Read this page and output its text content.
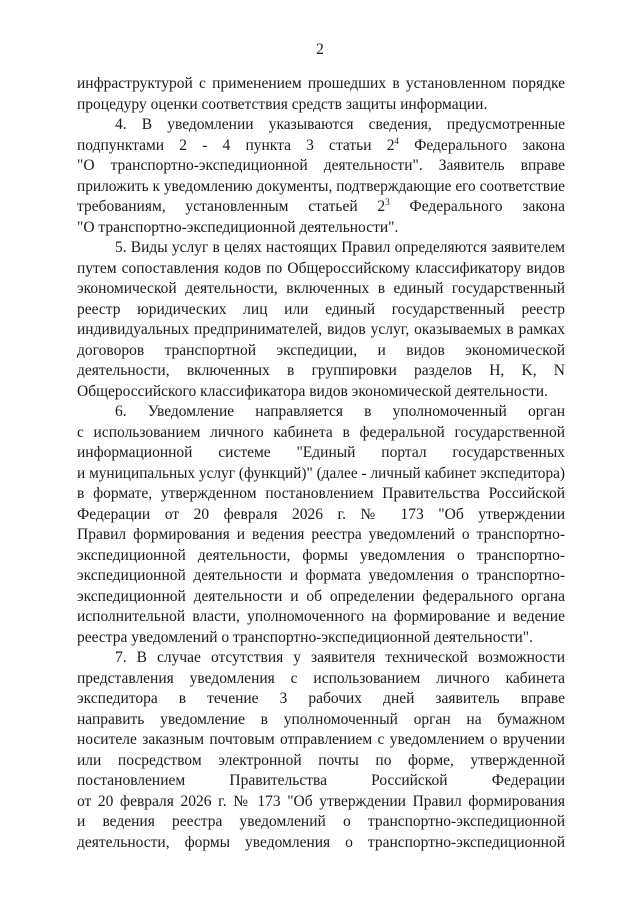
2
инфраструктурой с применением прошедших в установленном порядке
процедуру оценки соответствия средств защиты информации.
4. В уведомлении указываются сведения, предусмотренные
подпунктами 2 - 4 пункта 3 статьи $2^4$ Федерального закона
"О транспортно-экспедиционной деятельности". Заявитель вправе
приложить к уведомлению документы, подтверждающие его соответствие
требованиям, установленным статьей $2^3$ Федерального закона
"О транспортно-экспедиционной деятельности".
5. Виды услуг в целях настоящих Правил определяются заявителем
путем сопоставления кодов по Общероссийскому классификатору видов
экономической деятельности, включенных в единый государственный
реестр юридических лиц или единый государственный реестр
индивидуальных предпринимателей, видов услуг, оказываемых в рамках
договоров транспортной экспедиции, и видов экономической
деятельности, включенных в группировки разделов H, K, N
Общероссийского классификатора видов экономической деятельности.
6. Уведомление направляется в уполномоченный орган
с использованием личного кабинета в федеральной государственной
информационной системе "Единый портал государственных
и муниципальных услуг (функций)" (далее - личный кабинет экспедитора)
в формате, утвержденном постановлением Правительства Российской
Федерации от 20 февраля 2026 г. № 173 "Об утверждении
Правил формирования и ведения реестра уведомлений о транспортно-
экспедиционной деятельности, формы уведомления о транспортно-
экспедиционной деятельности и формата уведомления о транспортно-
экспедиционной деятельности и об определении федерального органа
исполнительной власти, уполномоченного на формирование и ведение
реестра уведомлений о транспортно-экспедиционной деятельности".
7. В случае отсутствия у заявителя технической возможности
представления уведомления с использованием личного кабинета
экспедитора в течение 3 рабочих дней заявитель вправе
направить уведомление в уполномоченный орган на бумажном
носителе заказным почтовым отправлением с уведомлением о вручении
или посредством электронной почты по форме, утвержденной
постановлением Правительства Российской Федерации
от 20 февраля 2026 г. № 173 "Об утверждении Правил формирования
и ведения реестра уведомлений о транспортно-экспедиционной
деятельности, формы уведомления о транспортно-экспедиционной
